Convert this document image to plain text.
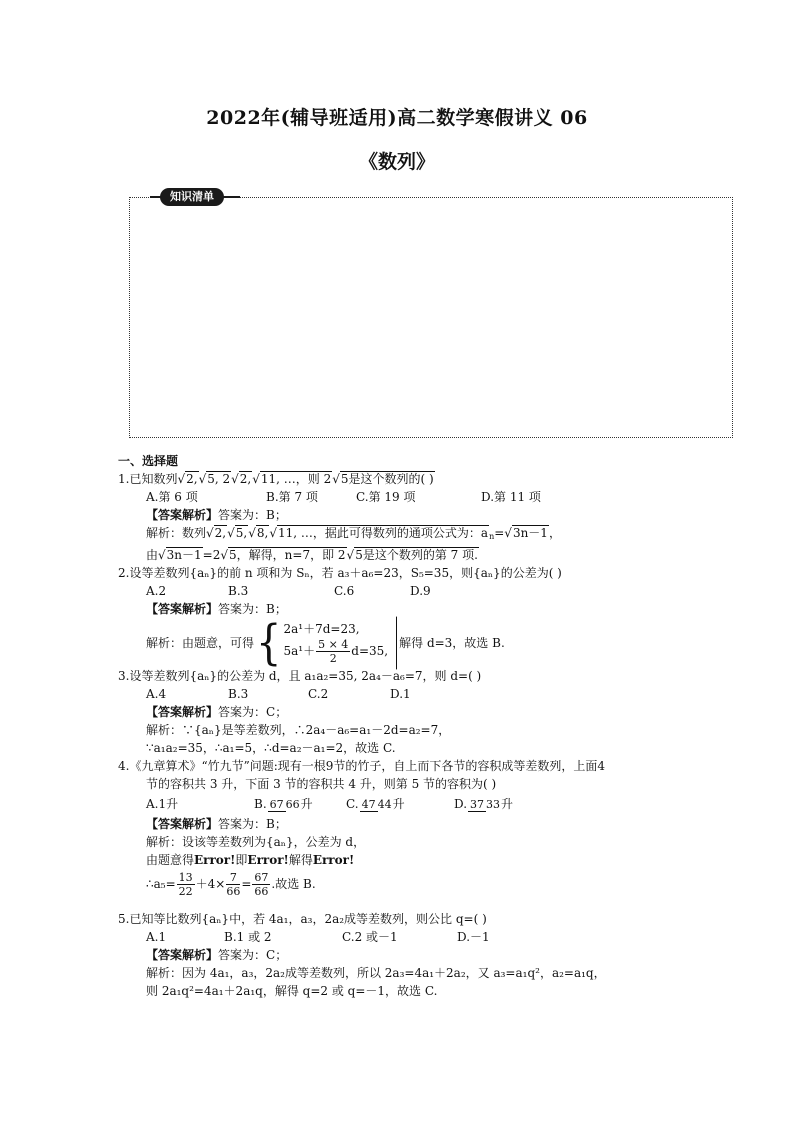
2022年(辅导班适用)高二数学寒假讲义 06
《数列》
知识清单
一、选择题
1.已知数列√2,√5, 2√2,√11, …，则 2√5是这个数列的( )
A.第 6 项	B.第 7 项	C.第 19 项	D.第 11 项
【答案解析】答案为：B；
解析：数列√2,√5,√8,√11, …，据此可得数列的通项公式为：$a_n=√3n-1$，
由√3n－1=2√5，解得，n=7，即 2√5是这个数列的第 7 项.
2.设等差数列{aₙ}的前 n 项和为 Sₙ，若 a₃＋a₆=23，S₅=35，则{aₙ}的公差为( )
A.2	B.3	C.6	D.9
【答案解析】答案为：B；
解析：由题意，可得 { 2a¹＋7d=23,
$5a^1+ \frac{5 \times 4}{2} d=35$,
解得 d=3，故选 B.
3.设等差数列{aₙ}的公差为 d，且 a₁a₂=35, 2a₄－a₆=7，则 d=( )
A.4	B.3	C.2	D.1
【答案解析】答案为：C；
解析：∵{aₙ}是等差数列，∴2a₄－a₆=a₁－2d=a₂=7，
∵a₁a₂=35，∴a₁=5，∴d=a₂－a₁=2，故选 C.
4.《九章算术》“竹九节”问题:现有一根9节的竹子，自上而下各节的容积成等差数列，上面4
节的容积共 3 升，下面 3 节的容积共 4 升，则第 5 节的容积为( )
A.1升	B. 67 66升	C. 47 44升	D. 37 33升
【答案解析】答案为：B；
解析：设该等差数列为{aₙ}，公差为 d，
由题意得Error!即Error!解得Error!
∴a₅= $\frac{13}{22} +4\times \frac{7}{66} = \frac{67}{66}$ .故选 B.
5.已知等比数列{aₙ}中，若 4a₁，a₃，2a₂成等差数列，则公比 q=( )
A.1	B.1 或 2	C.2 或－1	D.－1
【答案解析】答案为：C；
解析：因为 4a₁，a₃，2a₂成等差数列，所以 2a₃=4a₁＋2a₂，又 a₃=a₁q²，a₂=a₁q，
则 2a₁q²=4a₁＋2a₁q，解得 q=2 或 q=－1，故选 C.
